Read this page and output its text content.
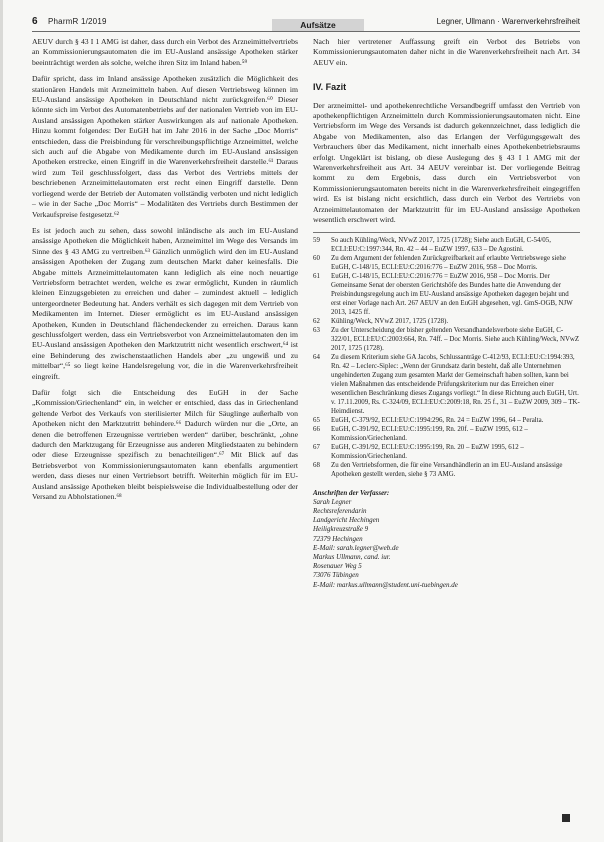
6 PharmR 1/2019	Aufsätze	Legner, Ullmann · Warenverkehrsfreiheit

AEUV durch § 43 I 1 AMG ist daher, dass durch ein Verbot des Arzneimittelvertriebs an Kommissionierungsautomaten die im EU-Ausland ansässige Apotheken stärker beeinträchtigt werden als solche, welche ihren Sitz im Inland haben.⁵⁹

Dafür spricht, dass im Inland ansässige Apotheken zusätzlich die Möglichkeit des stationären Handels mit Arzneimitteln haben. Auf diesen Vertriebsweg können im EU-Ausland ansässige Apotheken in Deutschland nicht zurückgreifen.⁶⁰ Dieser könnte sich im Verbot des Automatenbetriebs auf der nationalen Vertrieb von im EU-Ausland ansässigen Apotheken stärker Auswirkungen als auf nationale Apotheken. Hinzu kommt folgendes: Der EuGH hat im Jahr 2016 in der Sache „Doc Morris“ entschieden, dass die Preisbindung für verschreibungspflichtige Arzneimittel, welche sich auch auf die Abgabe von Medikamente durch im EU-Ausland ansässigen Apotheken erstrecke, einen Eingriff in die Warenverkehrsfreiheit darstelle.⁶¹ Daraus wird zum Teil geschlussfolgert, dass das Verbot des Vertriebs mittels der beschriebenen Arzneimittelautomaten erst recht einen Eingriff darstelle. Denn vorliegend werde der Betrieb der Automaten vollständig verboten und nicht lediglich – wie in der Sache „Doc Morris“ – Modalitäten des Vertriebs durch Bestimmen der Verkaufspreise festgesetzt.⁶²

Es ist jedoch auch zu sehen, dass sowohl inländische als auch im EU-Ausland ansässige Apotheken die Möglichkeit haben, Arzneimittel im Wege des Versands im Sinne des § 43 AMG zu vertreiben.⁶³ Gänzlich unmöglich wird den im EU-Ausland ansässigen Apotheken der Zugang zum deutschen Markt daher keinesfalls. Die Abgabe mittels Arzneimittelautomaten kann lediglich als eine noch neuartige Vertriebsform betrachtet werden, welche es zwar ermöglicht, Kunden in räumlich kleinen Einzugsgebieten zu erreichen und daher – zumindest aktuell – lediglich untergeordneter Bedeutung hat. Anders verhält es sich dagegen mit dem Vertrieb von Medikamenten im Internet. Dieser ermöglicht es im EU-Ausland ansässigen Apotheken, Kunden in Deutschland flächendeckender zu erreichen. Daraus kann geschlussfolgert werden, dass ein Vertriebsverbot von Arzneimittelautomaten den im EU-Ausland ansässigen Apotheken den Marktzutritt nicht wesentlich erschwert,⁶⁴ ist eine Behinderung des zwischenstaatlichen Handels aber „zu ungewiß und zu mittelbar“,⁶⁵ so liegt keine Handelsregelung vor, die in die Warenverkehrsfreiheit eingreift.

Dafür folgt sich die Entscheidung des EuGH in der Sache „Kommission/Griechenland“ ein, in welcher er entschied, dass das in Griechenland geltende Verbot des Verkaufs von sterilisierter Milch für Säuglinge außerhalb von Apotheken nicht den Marktzutritt behindere.⁶⁶ Dadurch würden nur die „Orte, an denen die betroffenen Erzeugnisse vertrieben werden“ darüber, beschränkt, „ohne dadurch den Marktzugang für Erzeugnisse aus anderen Mitgliedstaaten zu behindern oder diese Erzeugnisse spezifisch zu benachteiligen“.⁶⁷ Mit Blick auf das Betriebsverbot von Kommissionierungsautomaten kann ebenfalls argumentiert werden, dass dieses nur einen Vertriebsort betrifft. Weiterhin möglich für im EU-Ausland ansässige Apotheken bleibt beispielsweise die Individualbestellung oder der Versand zu Abholstationen.⁶⁸

Nach hier vertretener Auffassung greift ein Verbot des Betriebs von Kommissionierungsautomaten daher nicht in die Warenverkehrsfreiheit nach Art. 34 AEUV ein.

IV. Fazit

Der arzneimittel- und apothekenrechtliche Versandbegriff umfasst den Vertrieb von apothekenpflichtigen Arzneimitteln durch Kommissionierungsautomaten nicht. Eine Vertriebsform im Wege des Versands ist dadurch gekennzeichnet, dass lediglich die Abgabe von Medikamenten, also das Erlangen der Verfügungsgewalt des Verbrauchers über das Medikament, nicht innerhalb eines Apothekenbetriebsraums erfolgt. Ungeklärt ist bislang, ob diese Auslegung des § 43 I 1 AMG mit der Warenverkehrsfreiheit aus Art. 34 AEUV vereinbar ist. Der vorliegende Beitrag kommt zu dem Ergebnis, dass durch ein Vertriebsverbot von Kommissionierungsautomaten bereits nicht in die Warenverkehrsfreiheit eingegriffen wird. Es ist bislang nicht ersichtlich, dass durch ein Verbot des Vertriebs von Arzneimittelautomaten der Marktzutritt für im EU-Ausland ansässige Apotheken wesentlich erschwert wird.

59	So auch Kühling/Weck, NVwZ 2017, 1725 (1728); Siehe auch EuGH, C-54/05, ECLI:EU:C:1997:344, Rn. 42 – 44 – EuZW 1997, 633 – De Agostini.
60	Zu dem Argument der fehlenden Zurückgreifbarkeit auf erlaubte Vertriebswege siehe EuGH, C-148/15, ECLI:EU:C:2016:776 – EuZW 2016, 958 – Doc Morris.
61	EuGH, C-148/15, ECLI:EU:C:2016:776 = EuZW 2016, 958 – Doc Morris. Der Gemeinsame Senat der obersten Gerichtshöfe des Bundes hatte die Anwendung der Preisbindungsregelung auch im EU-Ausland ansässige Apotheken dagegen bejaht und erst einer Vorlage nach Art. 267 AEUV an den EuGH abgesehen, vgl. GmS-OGB, NJW 2013, 1425 ff.
62	Kühling/Weck, NVwZ 2017, 1725 (1728).
63	Zu der Unterscheidung der bisher geltenden Versandhandelsverbote siehe EuGH, C-322/01, ECLI:EU:C:2003:664, Rn. 74ff. – Doc Morris. Siehe auch Kühling/Weck, NVwZ 2017, 1725 (1728).
64	Zu diesem Kriterium siehe GA Jacobs, Schlussanträge C-412/93, ECLI:EU:C:1994:393, Rn. 42 – Leclerc-Siplec: „Wenn der Grundsatz darin besteht, daß alle Unternehmen ungehinderten Zugang zum gesamten Markt der Gemeinschaft haben sollten, kann bei vielen Maßnahmen das entscheidende Prüfungskriterium nur das Erreichen einer wesentlichen Beschränkung dieses Zugangs vorliegt.“ In diese Richtung auch EuGH, Urt. v. 17.11.2009, Rs. C-324/09, ECLI:EU:C:2009:18, Rn. 25 f., 31 – EuZW 2009, 309 – TK-Heimdienst.
65	EuGH, C-379/92, ECLI:EU:C:1994:296, Rn. 24 = EuZW 1996, 64 – Peralta.
66	EuGH, C-391/92, ECLI:EU:C:1995:199, Rn. 20f. – EuZW 1995, 612 – Kommission/Griechenland.
67	EuGH, C-391/92, ECLI:EU:C:1995:199, Rn. 20 – EuZW 1995, 612 – Kommission/Griechenland.
68	Zu den Vertriebsformen, die für eine Versandhändlerin an im EU-Ausland ansässige Apotheken gestellt werden, siehe § 73 AMG.
Anschriften der Verfasser:
Sarah Legner
Rechtsreferendarin
Landgericht Hechingen
Heiligkreuzstraße 9
72379 Hechingen
E-Mail: sarah.legner@web.de
Markus Ullmann, cand. iur.
Rosenauer Weg 5
73076 Tübingen
E-Mail: markus.ullmann@student.uni-tuebingen.de
